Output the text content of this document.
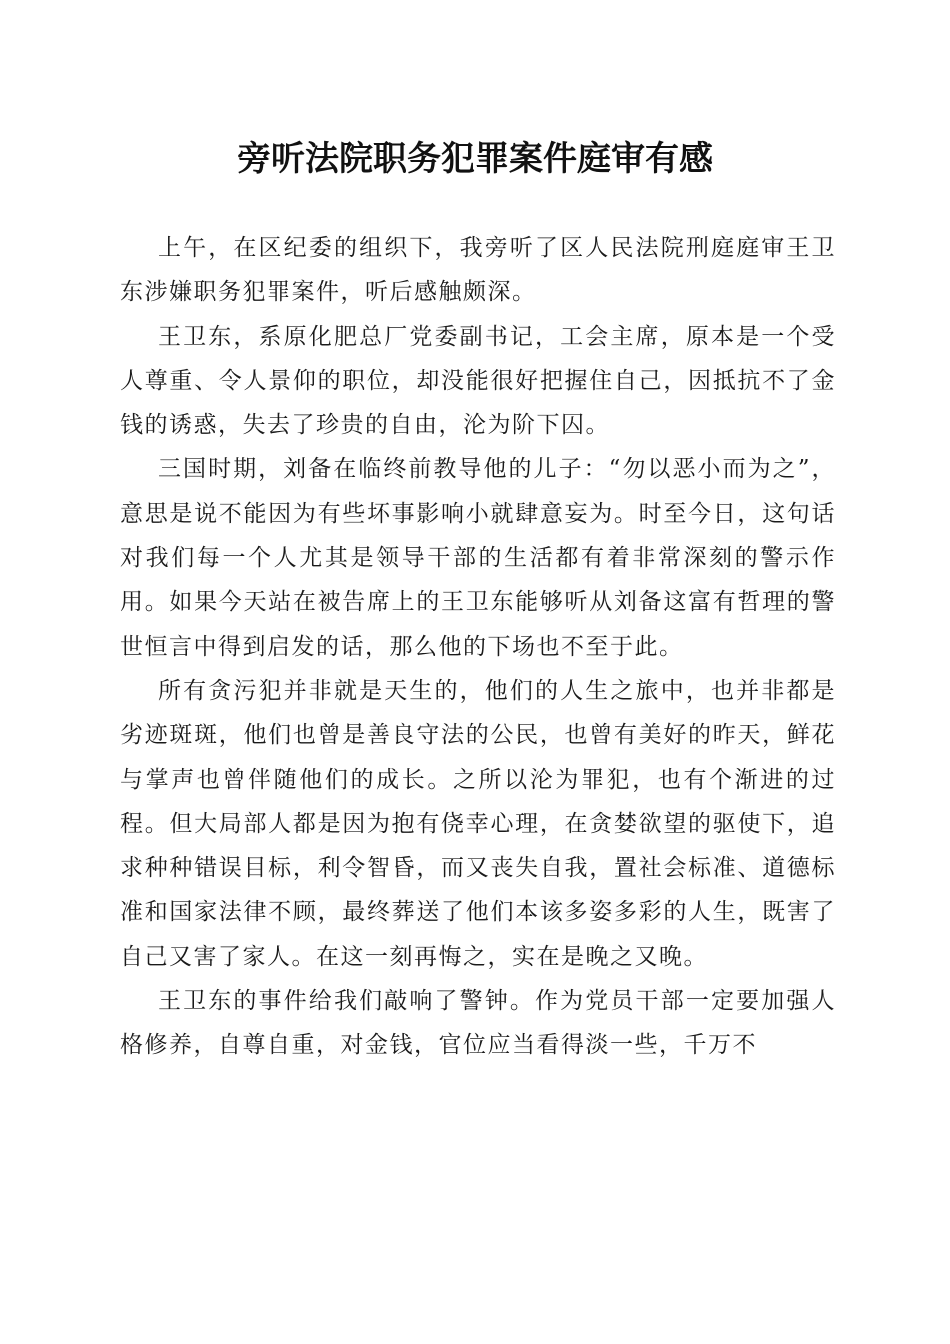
旁听法院职务犯罪案件庭审有感

上午，在区纪委的组织下，我旁听了区人民法院刑庭庭审王卫东涉嫌职务犯罪案件，听后感触颇深。

王卫东，系原化肥总厂党委副书记，工会主席，原本是一个受人尊重、令人景仰的职位，却没能很好把握住自己，因抵抗不了金钱的诱惑，失去了珍贵的自由，沦为阶下囚。

三国时期，刘备在临终前教导他的儿子：“勿以恶小而为之”，意思是说不能因为有些坏事影响小就肆意妄为。时至今日，这句话对我们每一个人尤其是领导干部的生活都有着非常深刻的警示作用。如果今天站在被告席上的王卫东能够听从刘备这富有哲理的警世恒言中得到启发的话，那么他的下场也不至于此。

所有贪污犯并非就是天生的，他们的人生之旅中，也并非都是劣迹斑斑，他们也曾是善良守法的公民，也曾有美好的昨天，鲜花与掌声也曾伴随他们的成长。之所以沦为罪犯，也有个渐进的过程。但大局部人都是因为抱有侥幸心理，在贪婪欲望的驱使下，追求种种错误目标，利令智昏，而又丧失自我，置社会标准、道德标准和国家法律不顾，最终葬送了他们本该多姿多彩的人生，既害了自己又害了家人。在这一刻再悔之，实在是晚之又晚。

王卫东的事件给我们敲响了警钟。作为党员干部一定要加强人格修养，自尊自重，对金钱，官位应当看得淡一些，千万不
